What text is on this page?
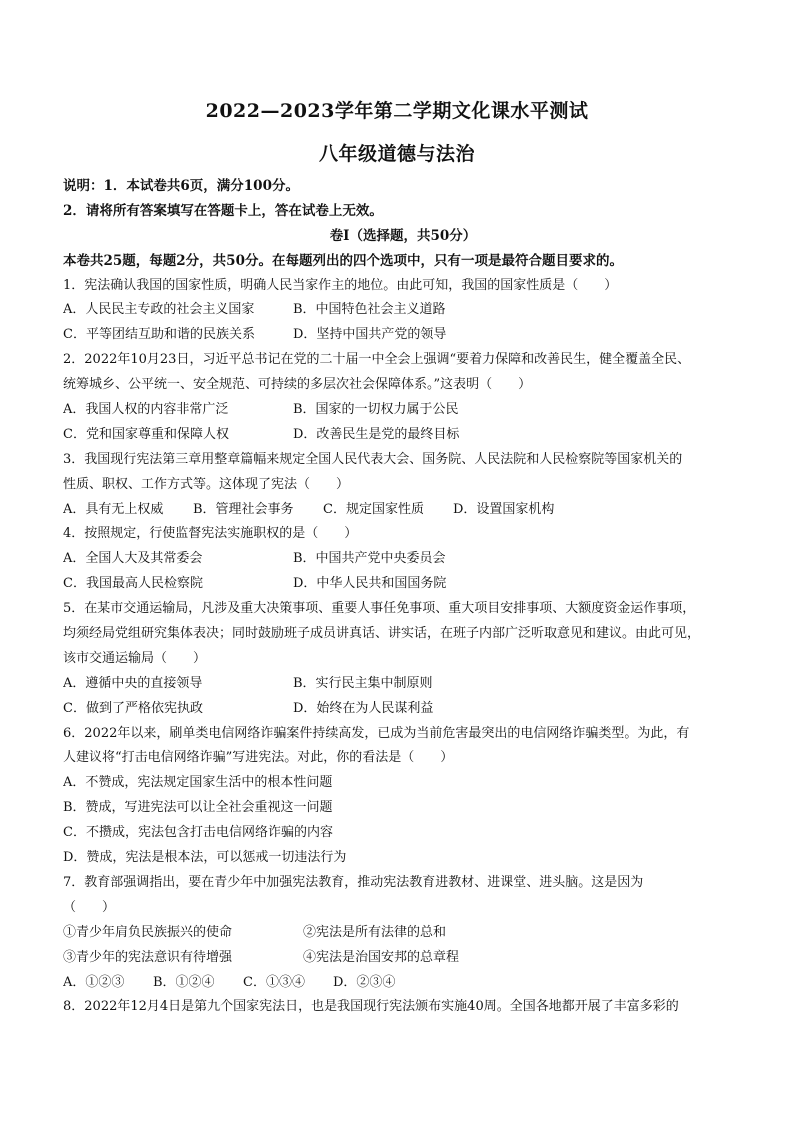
2022—2023学年第二学期文化课水平测试
八年级道德与法治
说明：1．本试卷共6页，满分100分。
2．请将所有答案填写在答题卡上，答在试卷上无效。
卷Ⅰ（选择题，共50分）
本卷共25题，每题2分，共50分。在每题列出的四个选项中，只有一项是最符合题目要求的。
1．宪法确认我国的国家性质，明确人民当家作主的地位。由此可知，我国的国家性质是（　　）
A．人民民主专政的社会主义国家	B．中国特色社会主义道路
C．平等团结互助和谐的民族关系	D．坚持中国共产党的领导
2．2022年10月23日，习近平总书记在党的二十届一中全会上强调“要着力保障和改善民生，健全覆盖全民、
统筹城乡、公平统一、安全规范、可持续的多层次社会保障体系。”这表明（　　）
A．我国人权的内容非常广泛	B．国家的一切权力属于公民
C．党和国家尊重和保障人权	D．改善民生是党的最终目标
3．我国现行宪法第三章用整章篇幅来规定全国人民代表大会、国务院、人民法院和人民检察院等国家机关的
性质、职权、工作方式等。这体现了宪法（　　）
A．具有无上权威 B．管理社会事务 C．规定国家性质 D．设置国家机构
4．按照规定，行使监督宪法实施职权的是（　　）
A．全国人大及其常委会	B．中国共产党中央委员会
C．我国最高人民检察院	D．中华人民共和国国务院
5．在某市交通运输局，凡涉及重大决策事项、重要人事任免事项、重大项目安排事项、大额度资金运作事项，
均须经局党组研究集体表决；同时鼓励班子成员讲真话、讲实话，在班子内部广泛听取意见和建议。由此可见，
该市交通运输局（　　）
A．遵循中央的直接领导	B．实行民主集中制原则
C．做到了严格依宪执政	D．始终在为人民谋利益
6．2022年以来，刷单类电信网络诈骗案件持续高发，已成为当前危害最突出的电信网络诈骗类型。为此，有
人建议将“打击电信网络诈骗”写进宪法。对此，你的看法是（　　）
A．不赞成，宪法规定国家生活中的根本性问题
B．赞成，写进宪法可以让全社会重视这一问题
C．不攒成，宪法包含打击电信网络诈骗的内容
D．赞成，宪法是根本法，可以惩戒一切违法行为
7．教育部强调指出，要在青少年中加强宪法教育，推动宪法教育进教材、进课堂、进头脑。这是因为
（　　）
①青少年肩负民族振兴的使命	②宪法是所有法律的总和
③青少年的宪法意识有待增强	④宪法是治国安邦的总章程
A．①②③ B．①②④ C．①③④ D．②③④
8．2022年12月4日是第九个国家宪法日，也是我国现行宪法颁布实施40周。全国各地都开展了丰富多彩的
